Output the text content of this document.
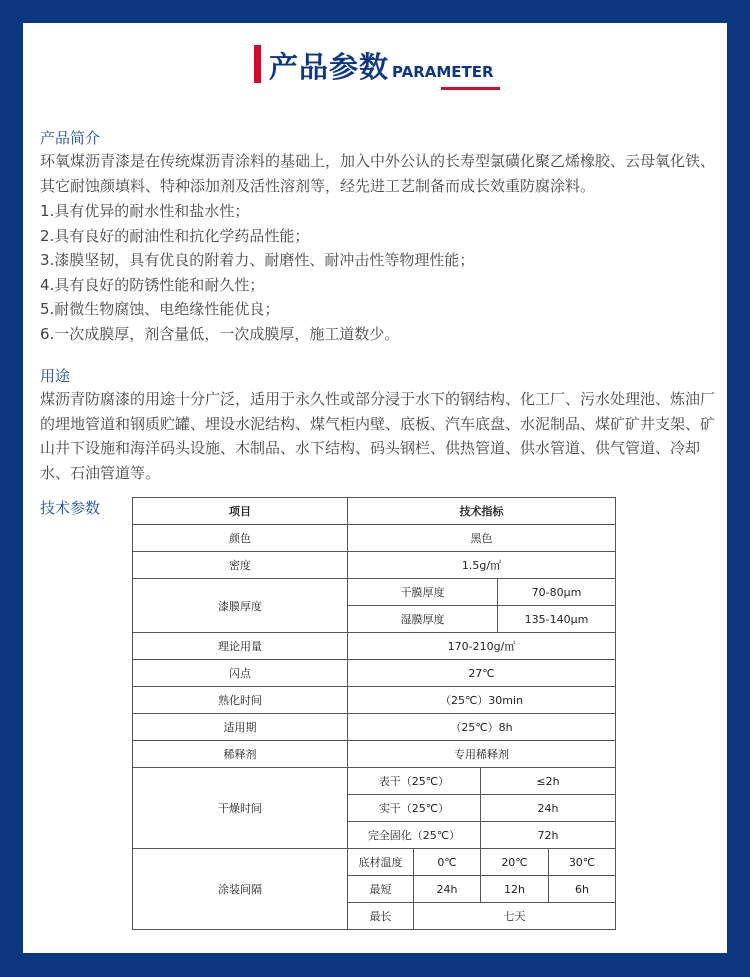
产品参数 PARAMETER
产品简介

环氧煤沥青漆是在传统煤沥青涂料的基础上，加入中外公认的长寿型氯磺化聚乙烯橡胶、云母氧化铁、其它耐蚀颜填料、特种添加剂及活性溶剂等，经先进工艺制备而成长效重防腐涂料。

1.具有优异的耐水性和盐水性；
2.具有良好的耐油性和抗化学药品性能；
3.漆膜坚韧，具有优良的附着力、耐磨性、耐冲击性等物理性能；
4.具有良好的防锈性能和耐久性；
5.耐微生物腐蚀、电绝缘性能优良；
6.一次成膜厚，剂含量低，一次成膜厚，施工道数少。
用途

煤沥青防腐漆的用途十分广泛，适用于永久性或部分浸于水下的钢结构、化工厂、污水处理池、炼油厂的埋地管道和钢质贮罐、埋设水泥结构、煤气柜内壁、底板、汽车底盘、水泥制品、煤矿矿井支架、矿山井下设施和海洋码头设施、木制品、水下结构、码头钢栏、供热管道、供水管道、供气管道、冷却水、石油管道等。

技术参数	项目	技术指标				
颜色	黑色				
密度	1.5g/㎡				
漆膜厚度	干膜厚度			70-80μm	
	湿膜厚度			135-140μm	
理论用量	170-210g/㎡				
闪点	27℃				
熟化时间	（25℃）30min				
适用期	（25℃）8h				
稀释剂	专用稀释剂				
干燥时间	表干（25℃）		≤2h		
	实干（25℃）		24h		
	完全固化（25℃）		72h		
涂装间隔	底材温度	0℃	20℃		30℃
	最短	24h	12h		6h
	最长	七天			
